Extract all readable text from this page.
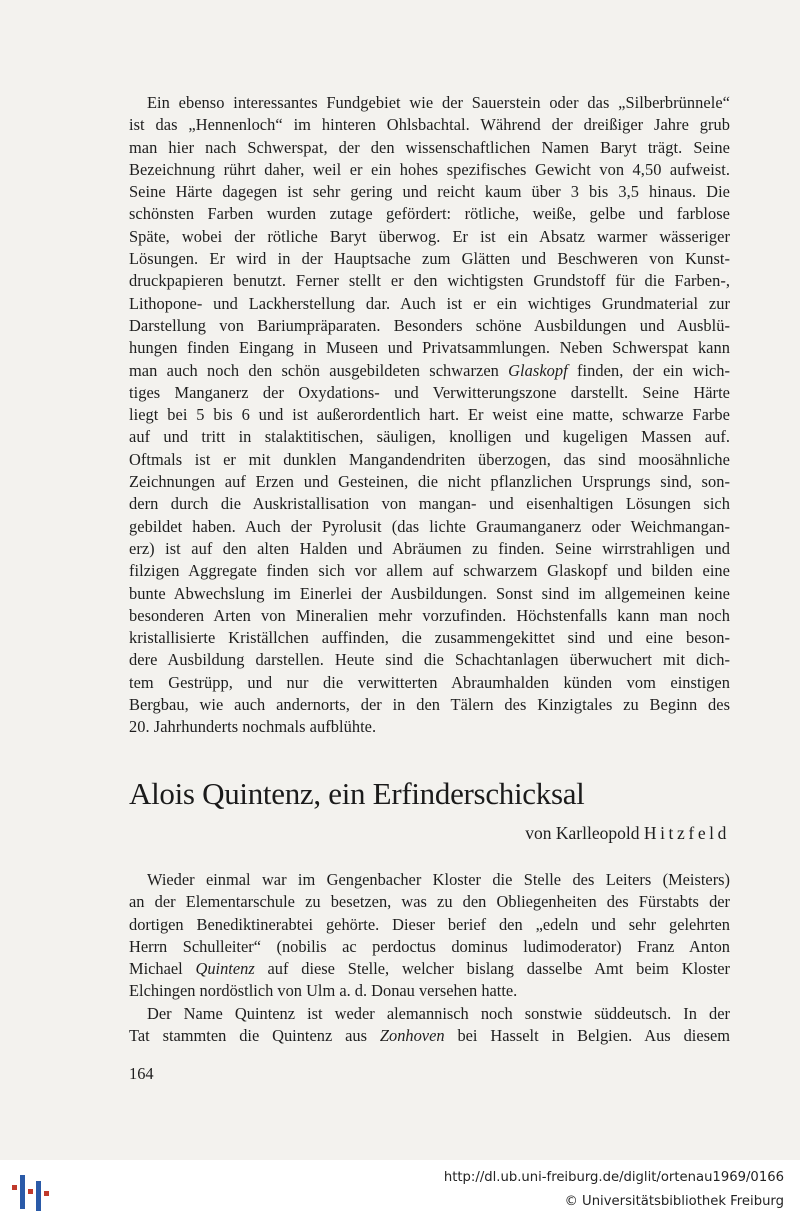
Ein ebenso interessantes Fundgebiet wie der Sauerstein oder das „Silberbrünnele“
ist das „Hennenloch“ im hinteren Ohlsbachtal. Während der dreißiger Jahre grub
man hier nach Schwerspat, der den wissenschaftlichen Namen Baryt trägt. Seine
Bezeichnung rührt daher, weil er ein hohes spezifisches Gewicht von 4,50 aufweist.
Seine Härte dagegen ist sehr gering und reicht kaum über 3 bis 3,5 hinaus. Die
schönsten Farben wurden zutage gefördert: rötliche, weiße, gelbe und farblose
Späte, wobei der rötliche Baryt überwog. Er ist ein Absatz warmer wässeriger
Lösungen. Er wird in der Hauptsache zum Glätten und Beschweren von Kunst-
druckpapieren benutzt. Ferner stellt er den wichtigsten Grundstoff für die Farben-,
Lithopone- und Lackherstellung dar. Auch ist er ein wichtiges Grundmaterial zur
Darstellung von Bariumpräparaten. Besonders schöne Ausbildungen und Ausblü-
hungen finden Eingang in Museen und Privatsammlungen. Neben Schwerspat kann
man auch noch den schön ausgebildeten schwarzen Glaskopf finden, der ein wich-
tiges Manganerz der Oxydations- und Verwitterungszone darstellt. Seine Härte
liegt bei 5 bis 6 und ist außerordentlich hart. Er weist eine matte, schwarze Farbe
auf und tritt in stalaktitischen, säuligen, knolligen und kugeligen Massen auf.
Oftmals ist er mit dunklen Mangandendriten überzogen, das sind moosähnliche
Zeichnungen auf Erzen und Gesteinen, die nicht pflanzlichen Ursprungs sind, son-
dern durch die Auskristallisation von mangan- und eisenhaltigen Lösungen sich
gebildet haben. Auch der Pyrolusit (das lichte Graumanganerz oder Weichmangan-
erz) ist auf den alten Halden und Abräumen zu finden. Seine wirrstrahligen und
filzigen Aggregate finden sich vor allem auf schwarzem Glaskopf und bilden eine
bunte Abwechslung im Einerlei der Ausbildungen. Sonst sind im allgemeinen keine
besonderen Arten von Mineralien mehr vorzufinden. Höchstenfalls kann man noch
kristallisierte Kriställchen auffinden, die zusammengekittet sind und eine beson-
dere Ausbildung darstellen. Heute sind die Schachtanlagen überwuchert mit dich-
tem Gestrüpp, und nur die verwitterten Abraumhalden künden vom einstigen
Bergbau, wie auch andernorts, der in den Tälern des Kinzigtales zu Beginn des
20. Jahrhunderts nochmals aufblühte.
Alois Quintenz, ein Erfinderschicksal
von Karlleopold Hitzfeld
Wieder einmal war im Gengenbacher Kloster die Stelle des Leiters (Meisters)
an der Elementarschule zu besetzen, was zu den Obliegenheiten des Fürstabts der
dortigen Benediktinerabtei gehörte. Dieser berief den „edeln und sehr gelehrten
Herrn Schulleiter“ (nobilis ac perdoctus dominus ludimoderator) Franz Anton
Michael Quintenz auf diese Stelle, welcher bislang dasselbe Amt beim Kloster
Elchingen nordöstlich von Ulm a. d. Donau versehen hatte.
Der Name Quintenz ist weder alemannisch noch sonstwie süddeutsch. In der
Tat stammten die Quintenz aus Zonhoven bei Hasselt in Belgien. Aus diesem
164
http://dl.ub.uni-freiburg.de/diglit/ortenau1969/0166
© Universitätsbibliothek Freiburg
